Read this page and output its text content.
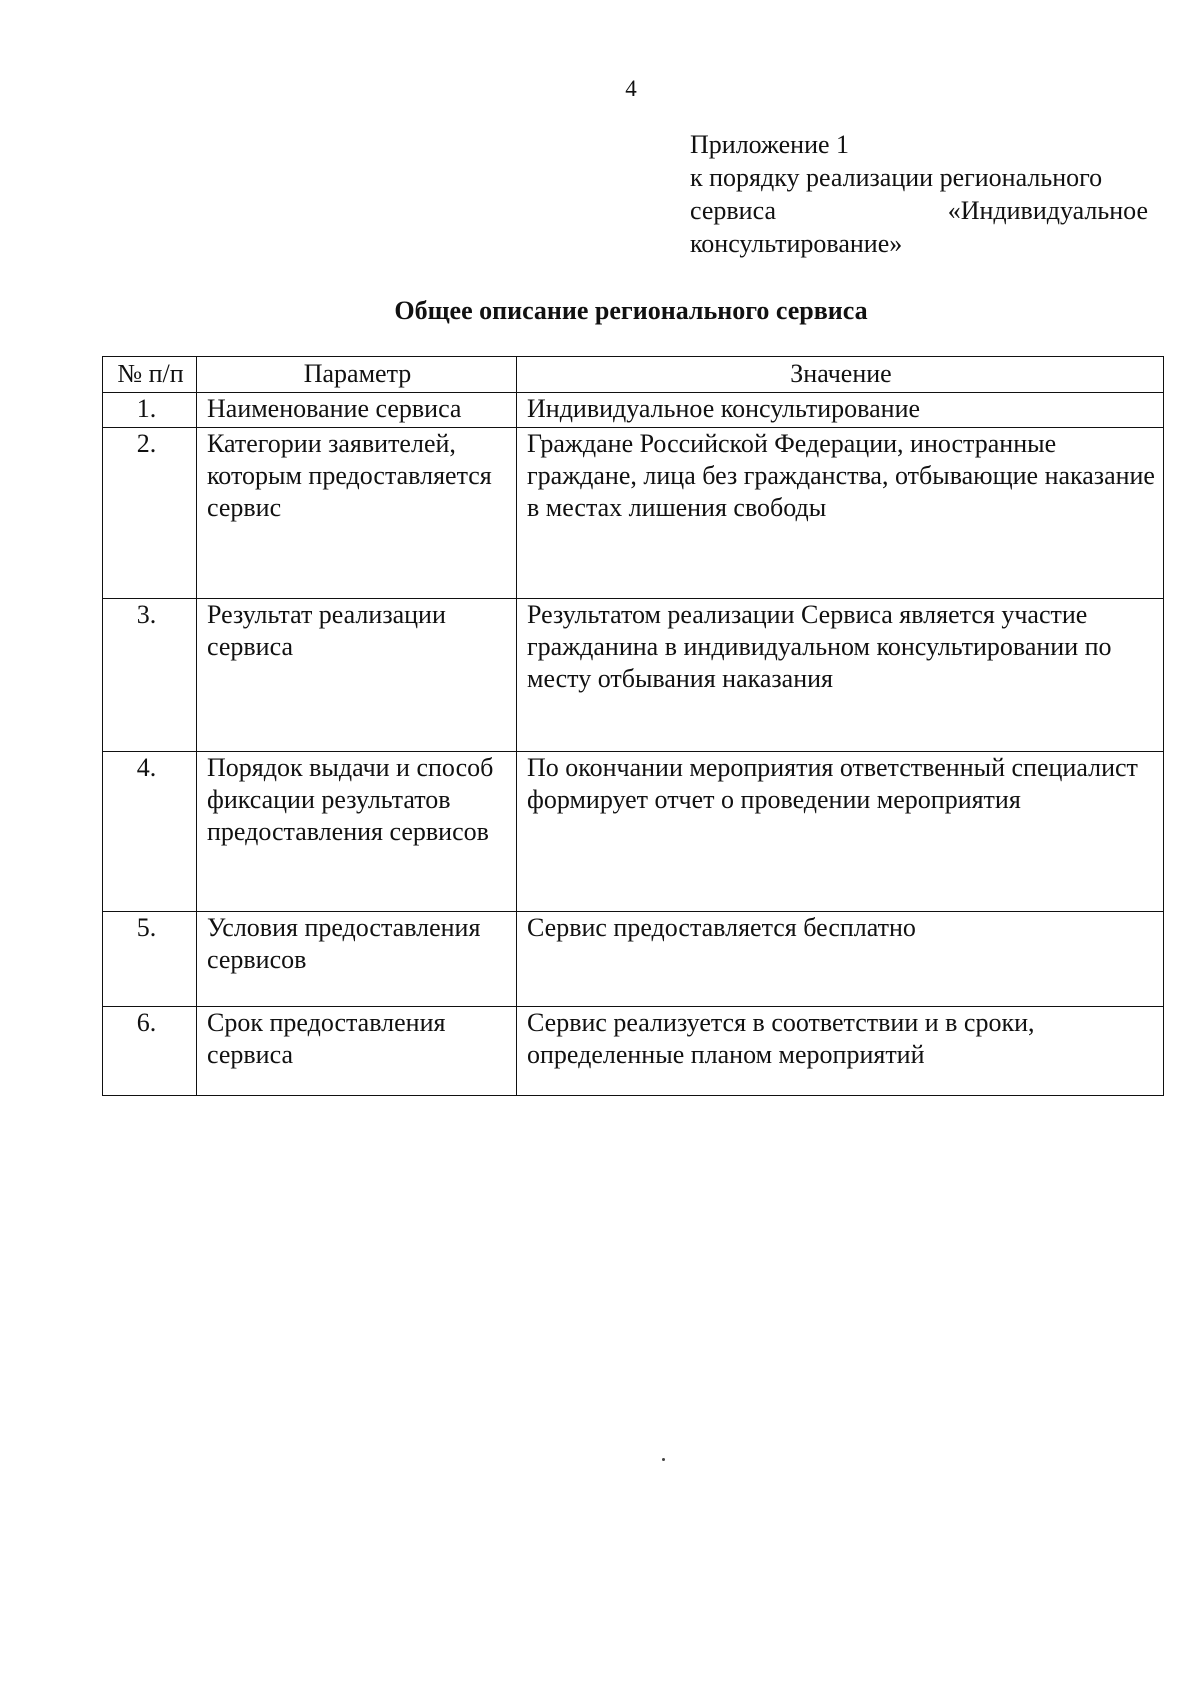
4
Приложение 1
к порядку реализации регионального
сервиса	«Индивидуальное
консультирование»
Общее описание регионального сервиса
№ п/п	Параметр	Значение
1.	Наименование сервиса	Индивидуальное консультирование
2.	Категории заявителей, которым предоставляется сервис	Граждане Российской Федерации, иностранные граждане, лица без гражданства, отбывающие наказание в местах лишения свободы
3.	Результат реализации сервиса	Результатом реализации Сервиса является участие гражданина в индивидуальном консультировании по месту отбывания наказания
4.	Порядок выдачи и способ фиксации результатов предоставления сервисов	По окончании мероприятия ответственный специалист формирует отчет о проведении мероприятия
5.	Условия предоставления сервисов	Сервис предоставляется бесплатно
6.	Срок предоставления сервиса	Сервис реализуется в соответствии и в сроки, определенные планом мероприятий
